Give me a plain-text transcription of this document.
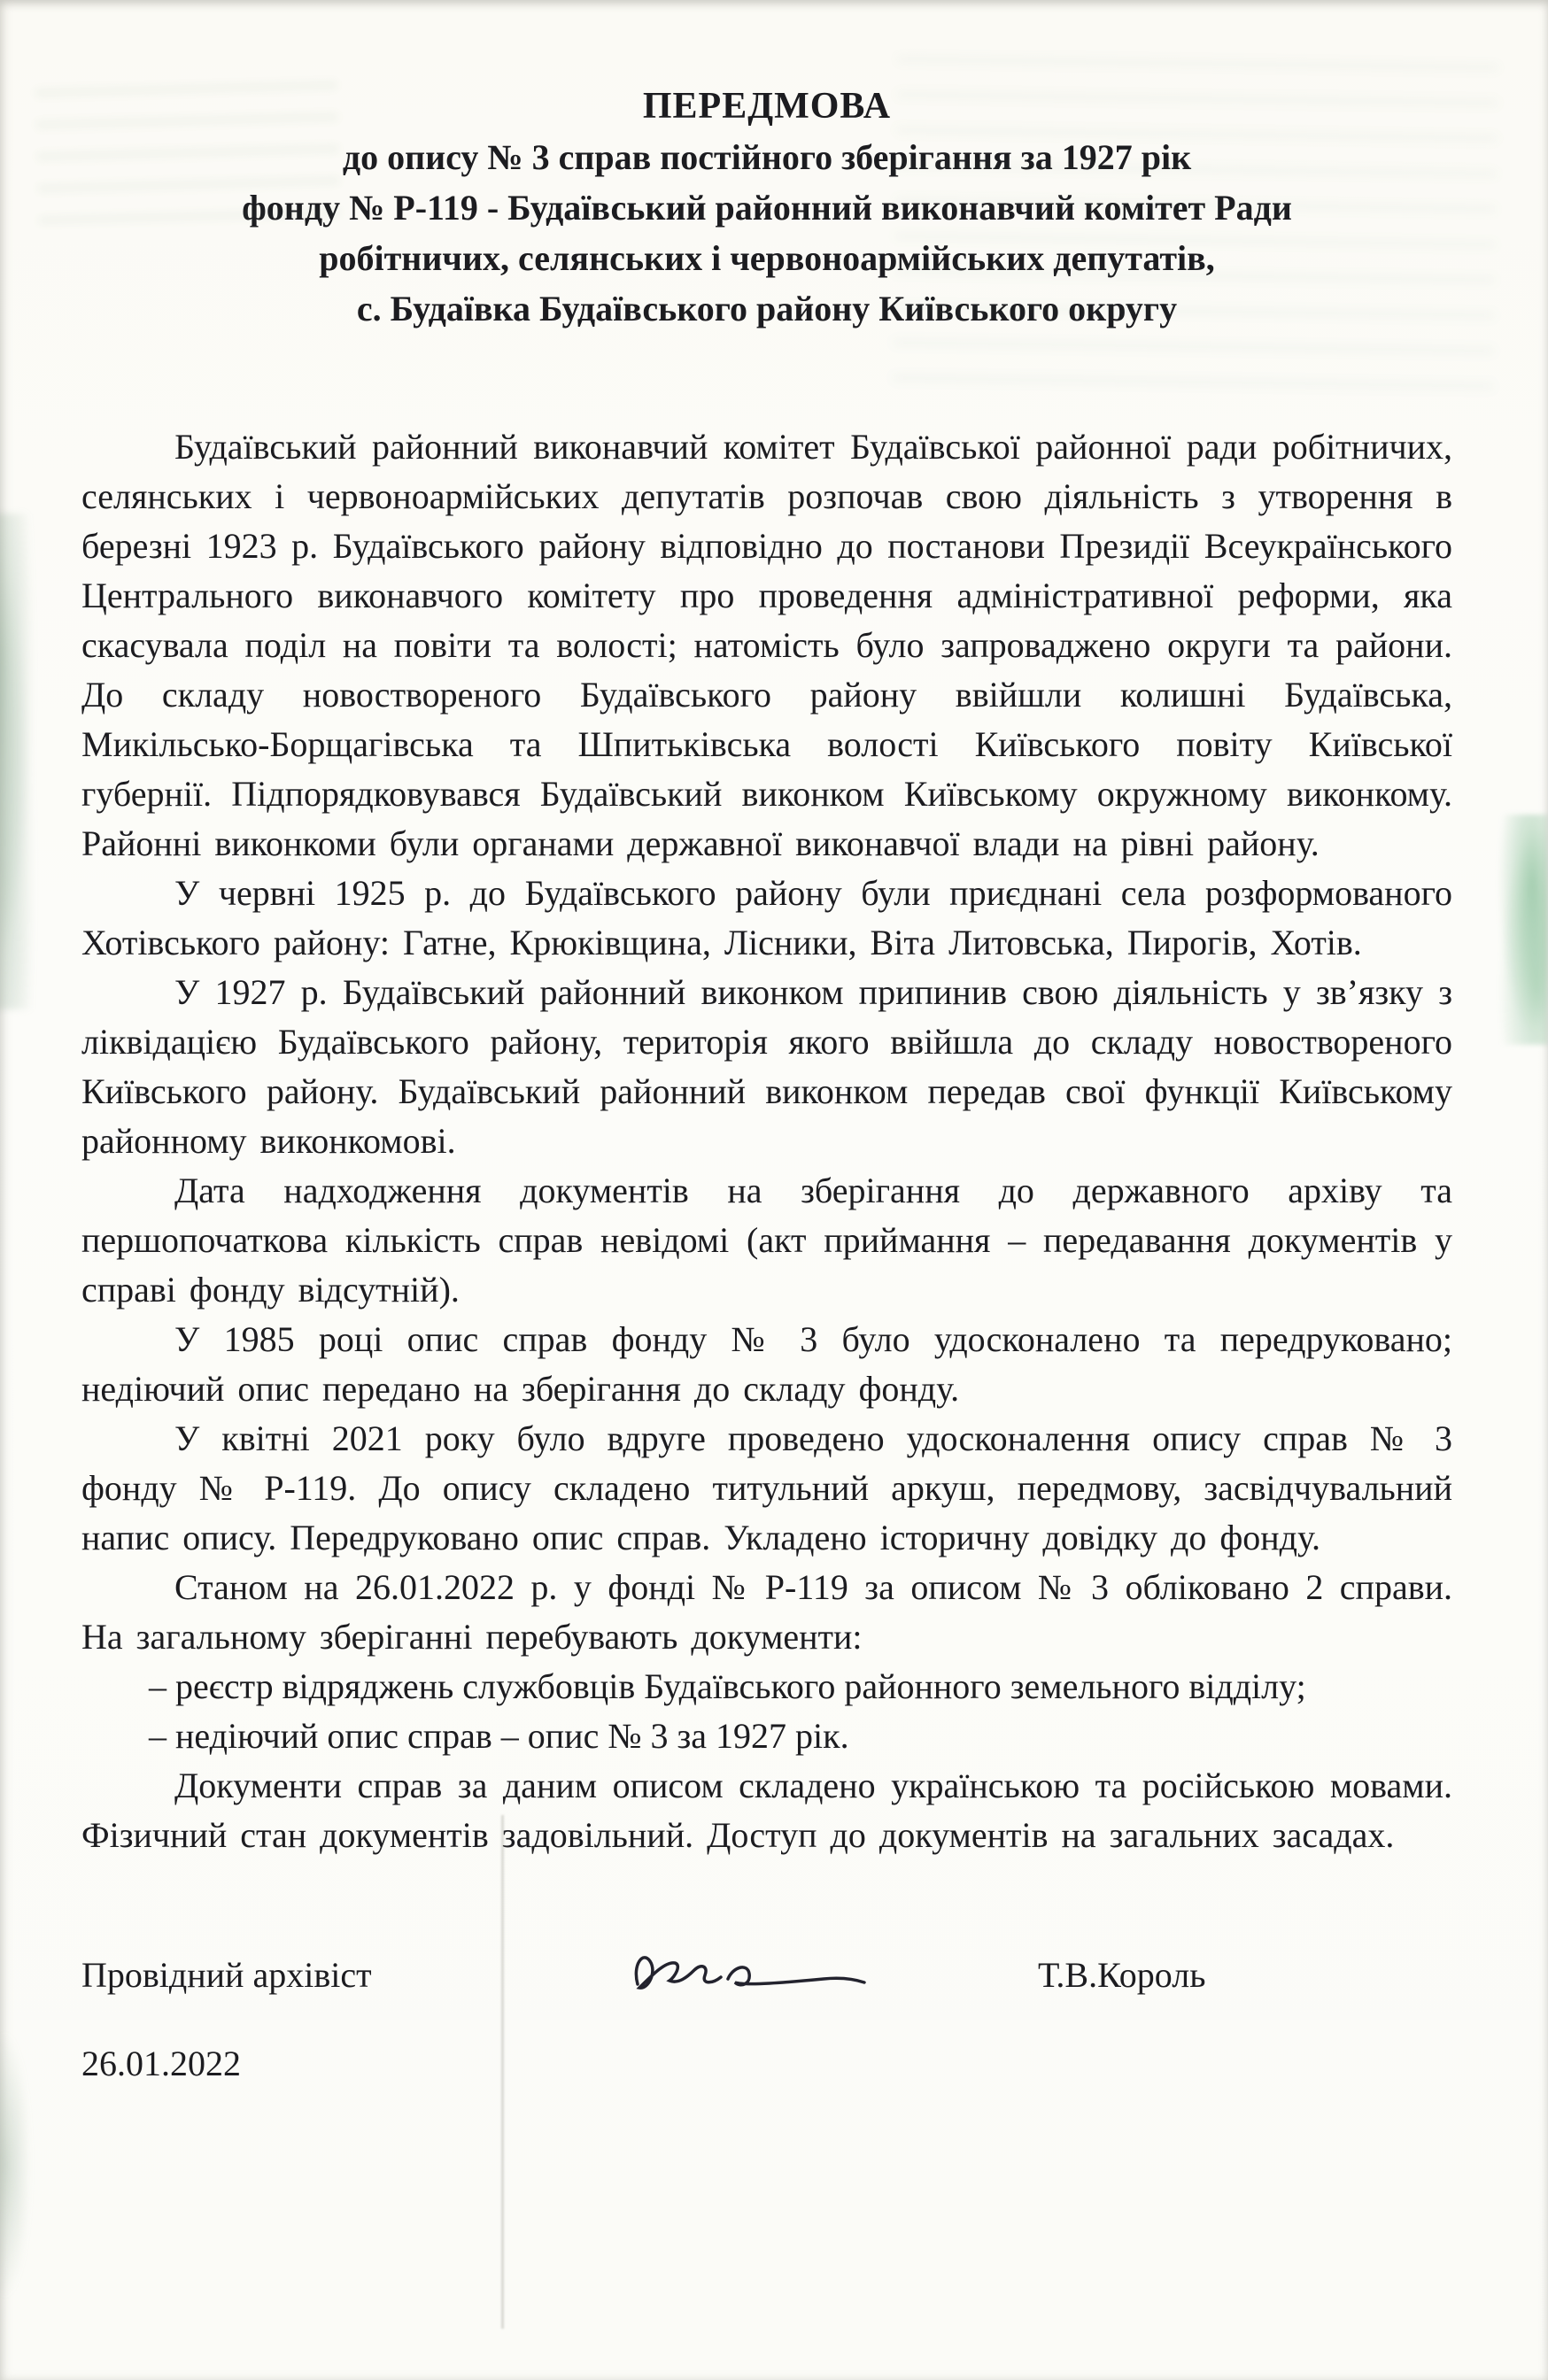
ПЕРЕДМОВА
до опису № 3 справ постійного зберігання за 1927 рік
фонду № Р-119 - Будаївський районний виконавчий комітет Ради
робітничих, селянських і червоноармійських депутатів,
с. Будаївка Будаївського району Київського округу

Будаївський районний виконавчий комітет Будаївської районної ради робітничих, селянських і червоноармійських депутатів розпочав свою діяльність з утворення в березні 1923 р. Будаївського району відповідно до постанови Президії Всеукраїнського Центрального виконавчого комітету про проведення адміністративної реформи, яка скасувала поділ на повіти та волості; натомість було запроваджено округи та райони. До складу новоствореного Будаївського району ввійшли колишні Будаївська, Микільсько-Борщагівська та Шпитьківська волості Київського повіту Київської губернії. Підпорядковувався Будаївський виконком Київському окружному виконкому. Районні виконкоми були органами державної виконавчої влади на рівні району.

У червні 1925 р. до Будаївського району були приєднані села розформованого Хотівського району: Гатне, Крюківщина, Лісники, Віта Литовська, Пирогів, Хотів.

У 1927 р. Будаївський районний виконком припинив свою діяльність у зв’язку з ліквідацією Будаївського району, територія якого ввійшла до складу новоствореного Київського району. Будаївський районний виконком передав свої функції Київському районному виконкомові.

Дата надходження документів на зберігання до державного архіву та першопочаткова кількість справ невідомі (акт приймання – передавання документів у справі фонду відсутній).

У 1985 році опис справ фонду № 3 було удосконалено та передруковано; недіючий опис передано на зберігання до складу фонду.

У квітні 2021 року було вдруге проведено удосконалення опису справ № 3 фонду № Р-119. До опису складено титульний аркуш, передмову, засвідчувальний напис опису. Передруковано опис справ. Укладено історичну довідку до фонду.

Станом на 26.01.2022 р. у фонді № Р-119 за описом № 3 обліковано 2 справи. На загальному зберіганні перебувають документи:

– реєстр відряджень службовців Будаївського районного земельного відділу;

– недіючий опис справ – опис № 3 за 1927 рік.

Документи справ за даним описом складено українською та російською мовами. Фізичний стан документів задовільний. Доступ до документів на загальних засадах.

Провідний архівіст	Т.В.Король
26.01.2022
